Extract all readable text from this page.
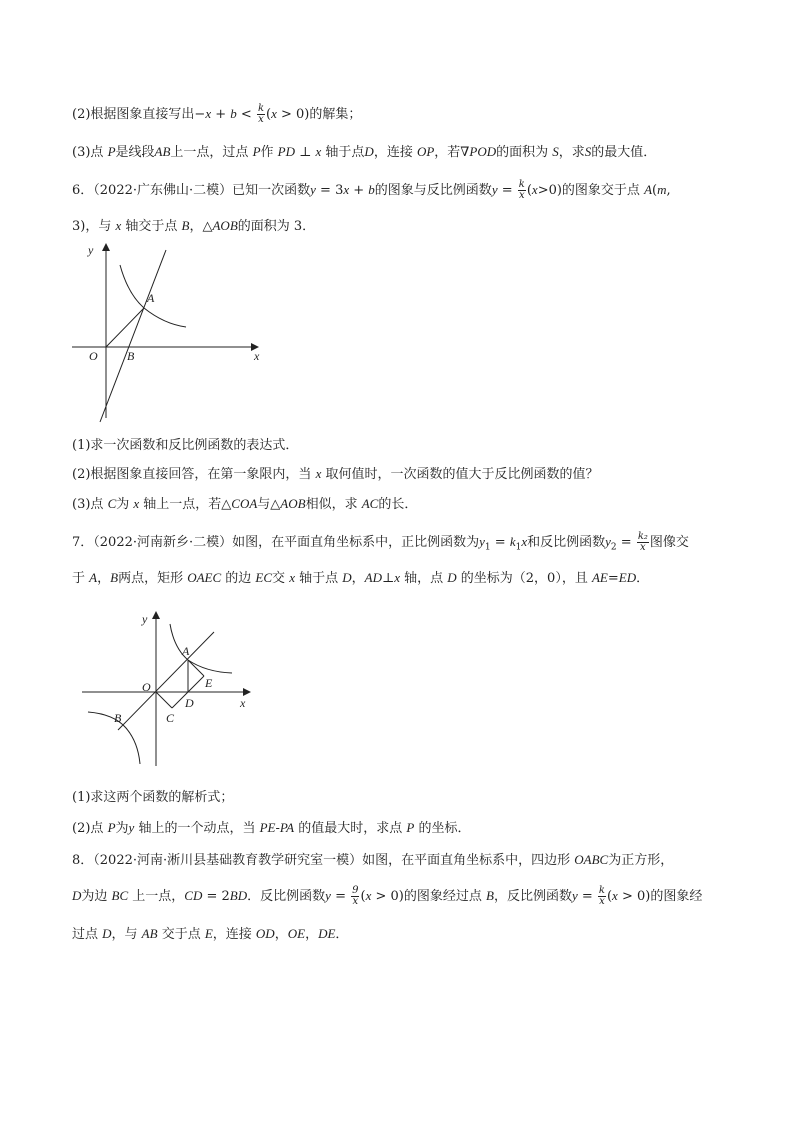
(2)根据图象直接写出$-x + b < \frac{k}{x} (x > 0)$的解集；
(3)点 P是线段AB上一点，过点 P作 PD ⊥ x 轴于点D，连接 OP，若∇POD的面积为 S，求S的最大值．
6．（2022·广东佛山·二模）已知一次函数y = 3x + b的图象与反比例函数$y = \frac{k}{x} (x>0)$的图象交于点 A(m,
3)，与 x 轴交于点 B，△AOB的面积为 3．
y
x
O
A
B
(1)求一次函数和反比例函数的表达式．
(2)根据图象直接回答，在第一象限内，当 x 取何值时，一次函数的值大于反比例函数的值？
(3)点 C为 x 轴上一点，若△COA与△AOB相似，求 AC的长．
7．（2022·河南新乡·二模）如图，在平面直角坐标系中，正比例函数为$y_1 = k_1x$和反比例函数$y_2 = \frac{\text{k₂}}{x}$ 图像交
于 A，B两点，矩形 OAEC 的边 EC交 x 轴于点 D，AD⊥x 轴，点 D 的坐标为（2，0），且 AE=ED．
y
x
O
A
B	C
D
E
(1)求这两个函数的解析式；
(2)点 P为y 轴上的一个动点，当 PE-PA 的值最大时，求点 P 的坐标．
8．（2022·河南·淅川县基础教育教学研究室一模）如图，在平面直角坐标系中，四边形 OABC为正方形，
D为边 BC 上一点，CD = 2BD．反比例函数$y = \frac{9}{x} (x > 0)$的图象经过点 B，反比例函数$y = \frac{k}{x} (x > 0)$的图象经
过点 D，与 AB 交于点 E，连接 OD，OE，DE．
